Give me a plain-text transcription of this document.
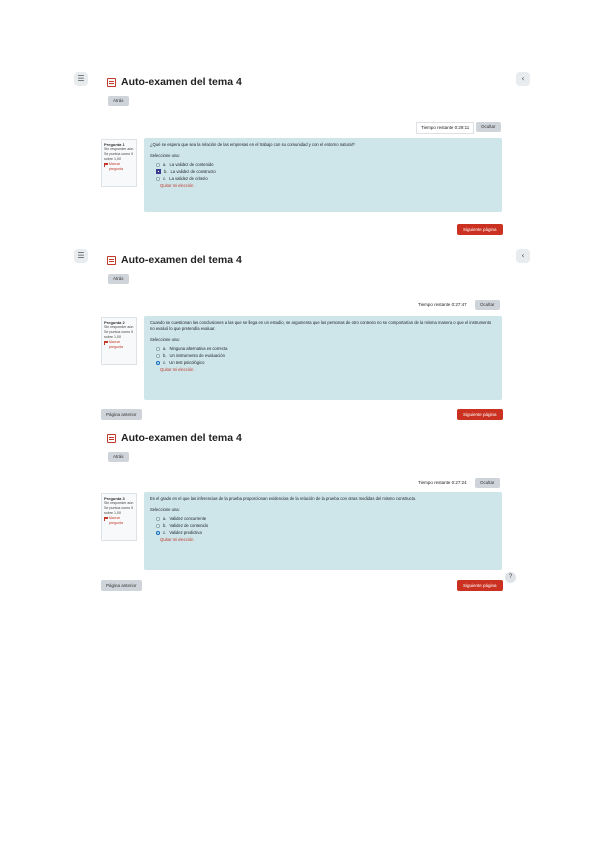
☰	‹
Auto-examen del tema 4
Atrás
Tiempo restante 0:29:11	Ocultar
Pregunta 1
Sin responder aún
Se puntúa como 0 sobre 1,00
Marcar pregunta
¿Qué se espera que sea la relación de las empresas en el trabajo con su comunidad y con el entorno natural?
Seleccione una:
a. La validez de contenido
b. La validez de constructo
c. La validez de criterio
Quitar mi elección
Siguiente página
☰	‹
Auto-examen del tema 4
Atrás
Tiempo restante 0:27:47	Ocultar
Pregunta 2
Sin responder aún
Se puntúa como 0 sobre 1,00
Marcar pregunta
Cuando se cuestionan las conclusiones a las que se llega en un estudio, se argumenta que las personas de otro contexto no se comportarían de la misma manera o que el instrumento no evaluó lo que pretendía evaluar.
Seleccione una:
a. Ninguna alternativa es correcta
b. Un instrumento de evaluación
c. Un test psicológico
Quitar mi elección
Página anterior	Siguiente página
Auto-examen del tema 4
Atrás
Tiempo restante 0:27:24	Ocultar
Pregunta 3
Sin responder aún
Se puntúa como 0 sobre 1,00
Marcar pregunta
Es el grado en el que las inferencias de la prueba proporcionan evidencias de la relación de la prueba con otras medidas del mismo constructo.
Seleccione una:
a. Validez concurrente
b. Validez de contenido
c. Validez predictiva
Quitar mi elección
Página anterior	Siguiente página
?
